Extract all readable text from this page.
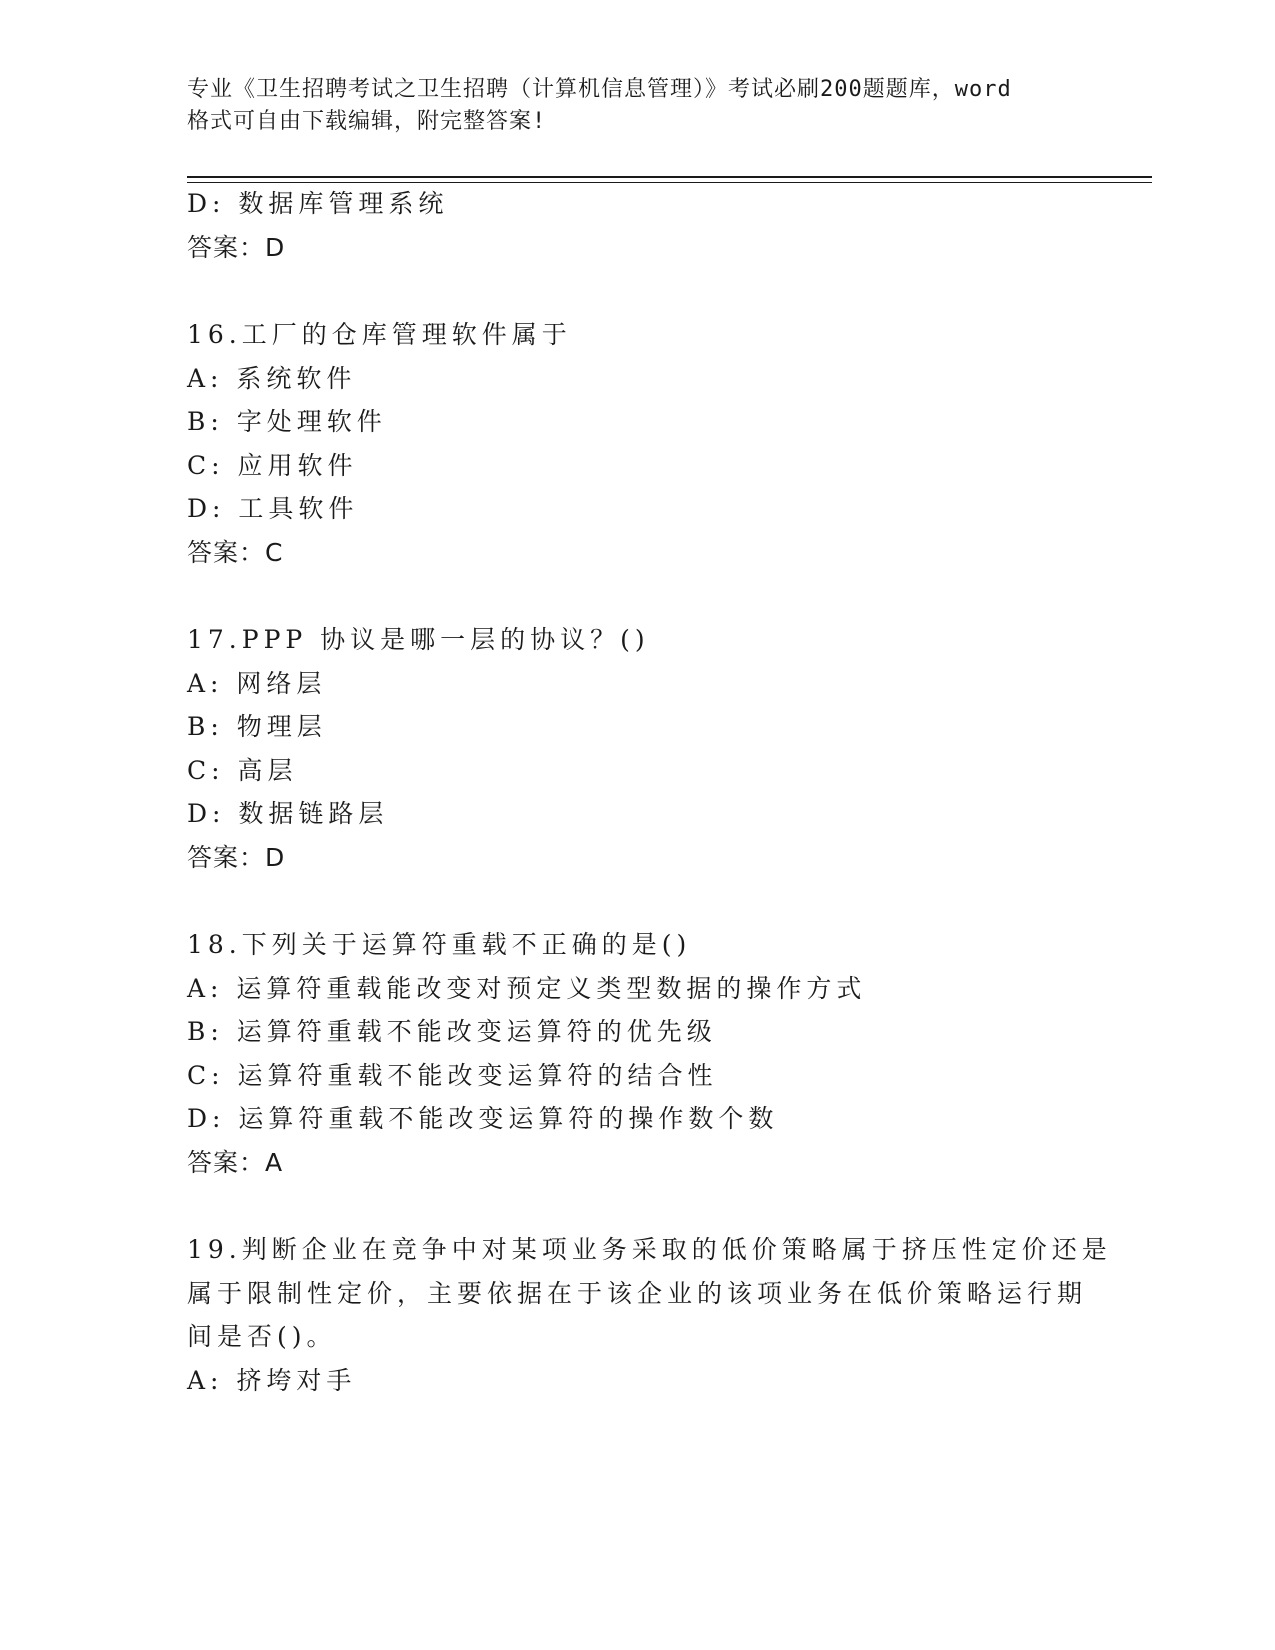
专业《卫生招聘考试之卫生招聘（计算机信息管理）》考试必刷200题题库，word
格式可自由下载编辑，附完整答案!
D: 数据库管理系统
答案：D
16.工厂的仓库管理软件属于
A: 系统软件
B: 字处理软件
C: 应用软件
D: 工具软件
答案：C
17.PPP 协议是哪一层的协议？()
A: 网络层
B: 物理层
C: 高层
D: 数据链路层
答案：D
18.下列关于运算符重载不正确的是()
A: 运算符重载能改变对预定义类型数据的操作方式
B: 运算符重载不能改变运算符的优先级
C: 运算符重载不能改变运算符的结合性
D: 运算符重载不能改变运算符的操作数个数
答案：A
19.判断企业在竞争中对某项业务采取的低价策略属于挤压性定价还是
属于限制性定价，主要依据在于该企业的该项业务在低价策略运行期
间是否()。
A: 挤垮对手
